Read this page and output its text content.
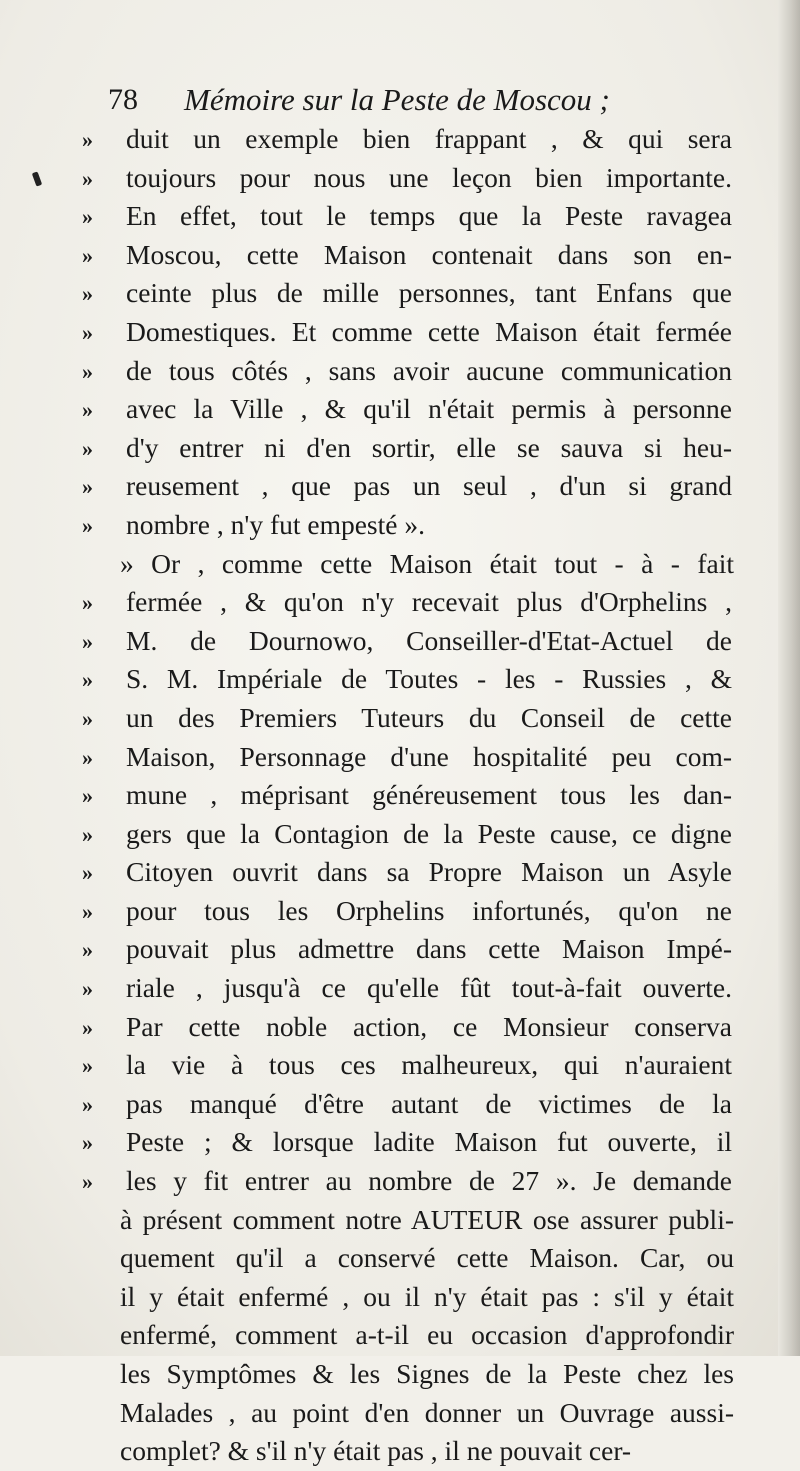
78 Mémoire sur la Peste de Moscou ;
»	duit un exemple bien frappant , & qui sera
»	toujours pour nous une leçon bien importante.
»	En effet, tout le temps que la Peste ravagea
»	Moscou, cette Maison contenait dans son en-
»	ceinte plus de mille personnes, tant Enfans que
»	Domestiques. Et comme cette Maison était fermée
»	de tous côtés , sans avoir aucune communication
»	avec la Ville , & qu'il n'était permis à personne
»	d'y entrer ni d'en sortir, elle se sauva si heu-
»	reusement , que pas un seul , d'un si grand
»	nombre , n'y fut empesté ».
» Or , comme cette Maison était tout - à - fait
»	fermée , & qu'on n'y recevait plus d'Orphelins ,
»	M. de Dournowo, Conseiller-d'Etat-Actuel de
»	S. M. Impériale de Toutes - les - Russies , &
»	un des Premiers Tuteurs du Conseil de cette
»	Maison, Personnage d'une hospitalité peu com-
»	mune , méprisant généreusement tous les dan-
»	gers que la Contagion de la Peste cause, ce digne
»	Citoyen ouvrit dans sa Propre Maison un Asyle
»	pour tous les Orphelins infortunés, qu'on ne
»	pouvait plus admettre dans cette Maison Impé-
»	riale , jusqu'à ce qu'elle fût tout-à-fait ouverte.
»	Par cette noble action, ce Monsieur conserva
»	la vie à tous ces malheureux, qui n'auraient
»	pas manqué d'être autant de victimes de la
»	Peste ; & lorsque ladite Maison fut ouverte, il
»	les y fit entrer au nombre de 27 ». Je demande
à présent comment notre AUTEUR ose assurer publi-
quement qu'il a conservé cette Maison. Car, ou
il y était enfermé , ou il n'y était pas : s'il y était
enfermé, comment a-t-il eu occasion d'approfondir
les Symptômes & les Signes de la Peste chez les
Malades , au point d'en donner un Ouvrage aussi-
complet? & s'il n'y était pas , il ne pouvait cer-
